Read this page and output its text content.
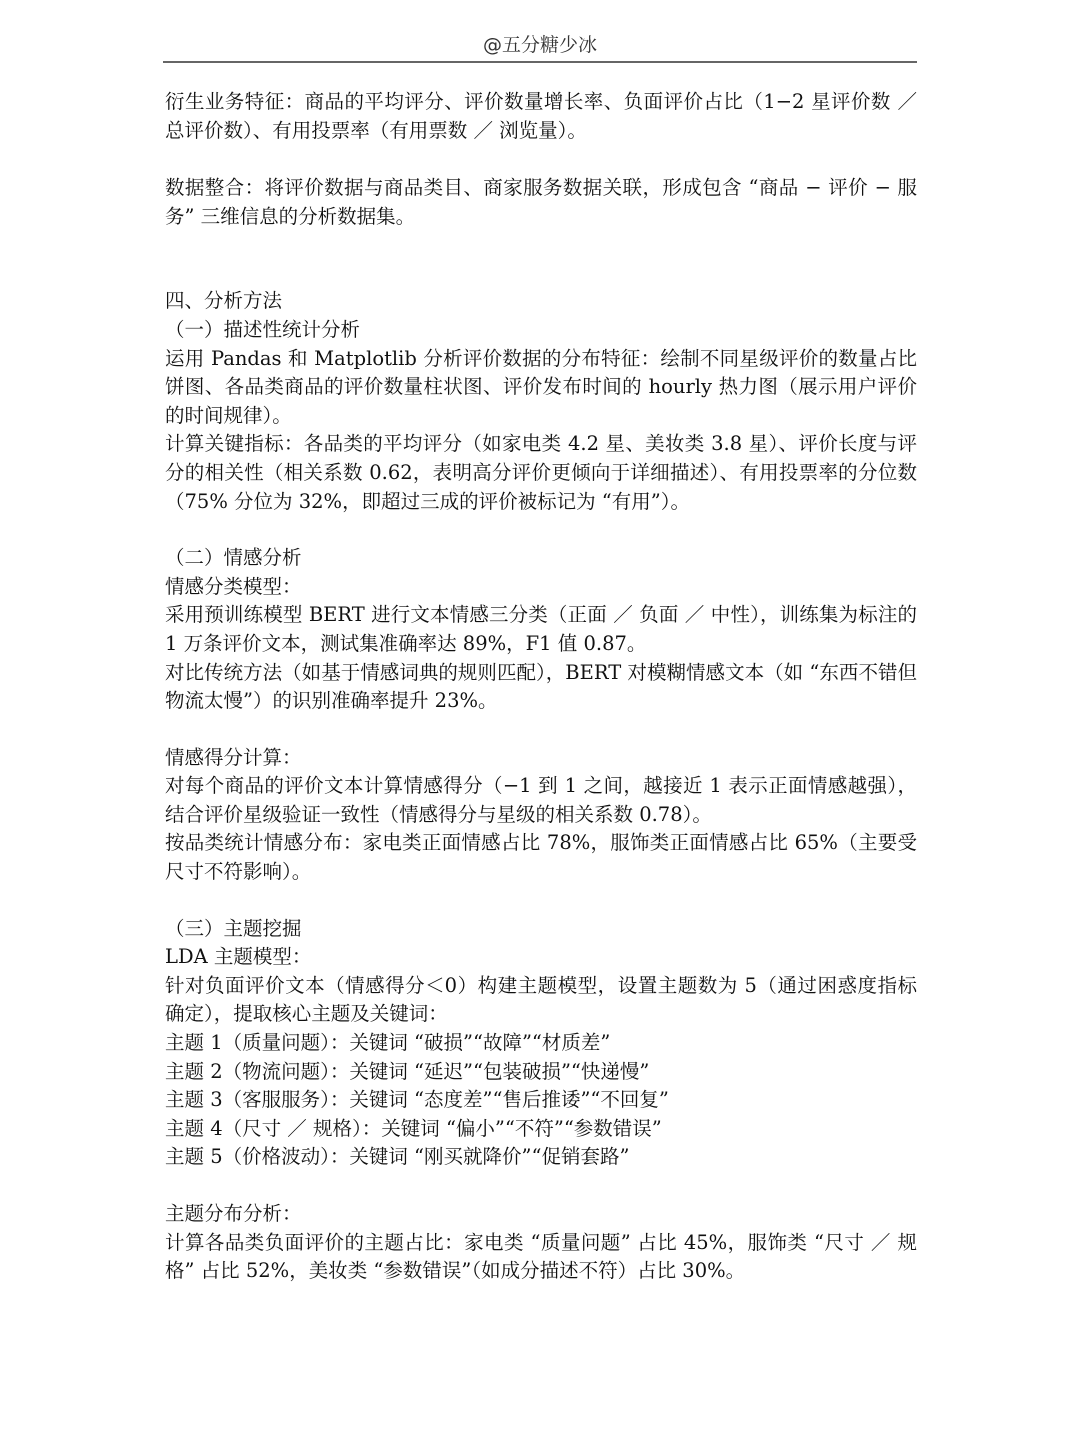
@五分糖少冰

衍生业务特征：商品的平均评分、评价数量增长率、负面评价占比（1−2 星评价数 ／ 总评价数）、有用投票率（有用票数 ／ 浏览量）。

数据整合：将评价数据与商品类目、商家服务数据关联，形成包含 “商品 − 评价 − 服务” 三维信息的分析数据集。

四、分析方法

（一）描述性统计分析

运用 Pandas 和 Matplotlib 分析评价数据的分布特征：绘制不同星级评价的数量占比饼图、各品类商品的评价数量柱状图、评价发布时间的 hourly 热力图（展示用户评价的时间规律）。

计算关键指标：各品类的平均评分（如家电类 4.2 星、美妆类 3.8 星）、评价长度与评分的相关性（相关系数 0.62，表明高分评价更倾向于详细描述）、有用投票率的分位数（75% 分位为 32%，即超过三成的评价被标记为 “有用”）。

（二）情感分析

情感分类模型：

采用预训练模型 BERT 进行文本情感三分类（正面 ／ 负面 ／ 中性），训练集为标注的 1 万条评价文本，测试集准确率达 89%，F1 值 0.87。

对比传统方法（如基于情感词典的规则匹配），BERT 对模糊情感文本（如 “东西不错但物流太慢”）的识别准确率提升 23%。

情感得分计算：

对每个商品的评价文本计算情感得分（−1 到 1 之间，越接近 1 表示正面情感越强），结合评价星级验证一致性（情感得分与星级的相关系数 0.78）。

按品类统计情感分布：家电类正面情感占比 78%，服饰类正面情感占比 65%（主要受尺寸不符影响）。

（三）主题挖掘

LDA 主题模型：

针对负面评价文本（情感得分＜0）构建主题模型，设置主题数为 5（通过困惑度指标确定），提取核心主题及关键词：

主题 1（质量问题）：关键词 “破损”“故障”“材质差”

主题 2（物流问题）：关键词 “延迟”“包装破损”“快递慢”

主题 3（客服服务）：关键词 “态度差”“售后推诿”“不回复”

主题 4（尺寸 ／ 规格）：关键词 “偏小”“不符”“参数错误”

主题 5（价格波动）：关键词 “刚买就降价”“促销套路”

主题分布分析：

计算各品类负面评价的主题占比：家电类 “质量问题” 占比 45%，服饰类 “尺寸 ／ 规格” 占比 52%，美妆类 “参数错误”（如成分描述不符）占比 30%。
